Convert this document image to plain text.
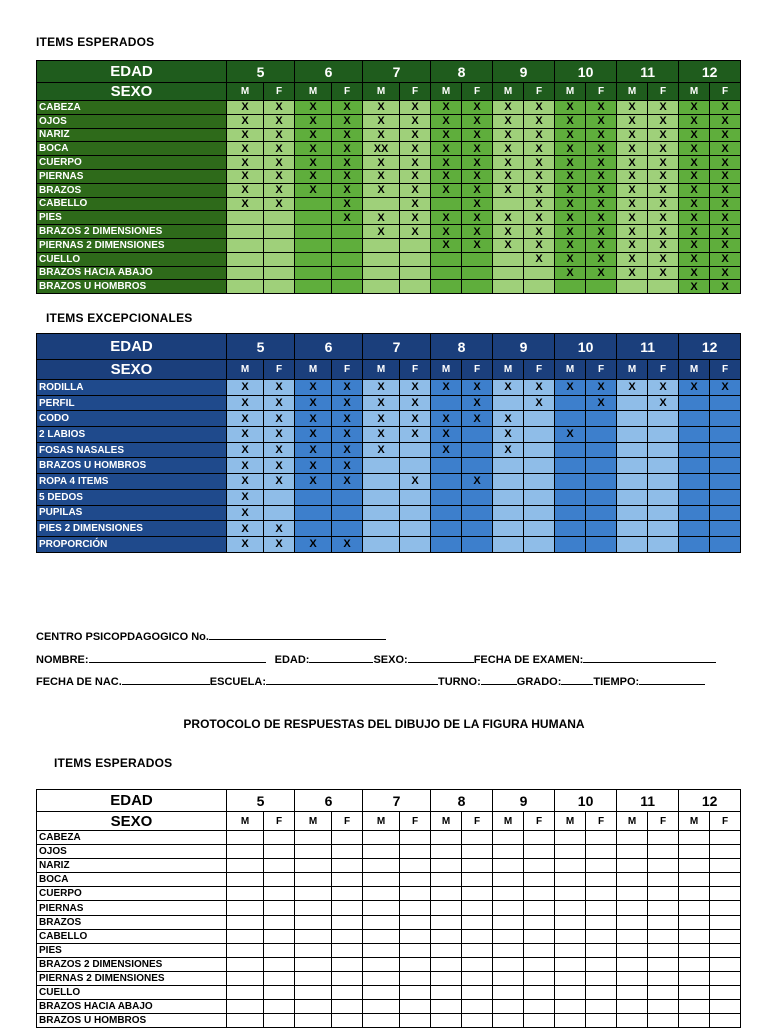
ITEMS ESPERADOS
EDAD	5		6		7		8		9		10		11		12	
SEXO	M	F	M	F	M	F	M	F	M	F	M	F	M	F	M	F
CABEZA	X	X	X	X	X	X	X	X	X	X	X	X	X	X	X	X
OJOS	X	X	X	X	X	X	X	X	X	X	X	X	X	X	X	X
NARIZ	X	X	X	X	X	X	X	X	X	X	X	X	X	X	X	X
BOCA	X	X	X	X	XX	X	X	X	X	X	X	X	X	X	X	X
CUERPO	X	X	X	X	X	X	X	X	X	X	X	X	X	X	X	X
PIERNAS	X	X	X	X	X	X	X	X	X	X	X	X	X	X	X	X
BRAZOS	X	X	X	X	X	X	X	X	X	X	X	X	X	X	X	X
CABELLO	X	X		X		X		X		X	X	X	X	X	X	X
PIES				X	X	X	X	X	X	X	X	X	X	X	X	X
BRAZOS 2 DIMENSIONES					X	X	X	X	X	X	X	X	X	X	X	X
PIERNAS 2 DIMENSIONES							X	X	X	X	X	X	X	X	X	X
CUELLO										X	X	X	X	X	X	X
BRAZOS HACIA ABAJO											X	X	X	X	X	X
BRAZOS U HOMBROS															X	X
ITEMS EXCEPCIONALES
EDAD	5		6		7		8		9		10		11		12	
SEXO	M	F	M	F	M	F	M	F	M	F	M	F	M	F	M	F
RODILLA	X	X	X	X	X	X	X	X	X	X	X	X	X	X	X	X
PERFIL	X	X	X	X	X	X		X		X		X		X		
CODO	X	X	X	X	X	X	X	X	X							
2 LABIOS	X	X	X	X	X	X	X		X		X					
FOSAS NASALES	X	X	X	X	X		X		X							
BRAZOS U HOMBROS	X	X	X	X												
ROPA 4 ITEMS	X	X	X	X		X		X								
5 DEDOS	X															
PUPILAS	X															
PIES 2 DIMENSIONES	X	X														
PROPORCIÓN	X	X	X	X												
CENTRO PSICOPDAGOGICO No.
NOMBRE:	EDAD:	SEXO:	FECHA DE EXAMEN:
FECHA DE NAC.	ESCUELA:	TURNO:	GRADO:	TIEMPO:
PROTOCOLO DE RESPUESTAS DEL DIBUJO DE LA FIGURA HUMANA
ITEMS ESPERADOS
EDAD	5		6		7		8		9		10		11		12	
SEXO	M	F	M	F	M	F	M	F	M	F	M	F	M	F	M	F
CABEZA																
OJOS																
NARIZ																
BOCA																
CUERPO																
PIERNAS																
BRAZOS																
CABELLO																
PIES																
BRAZOS 2 DIMENSIONES																
PIERNAS 2 DIMENSIONES																
CUELLO																
BRAZOS HACIA ABAJO																
BRAZOS U HOMBROS																
